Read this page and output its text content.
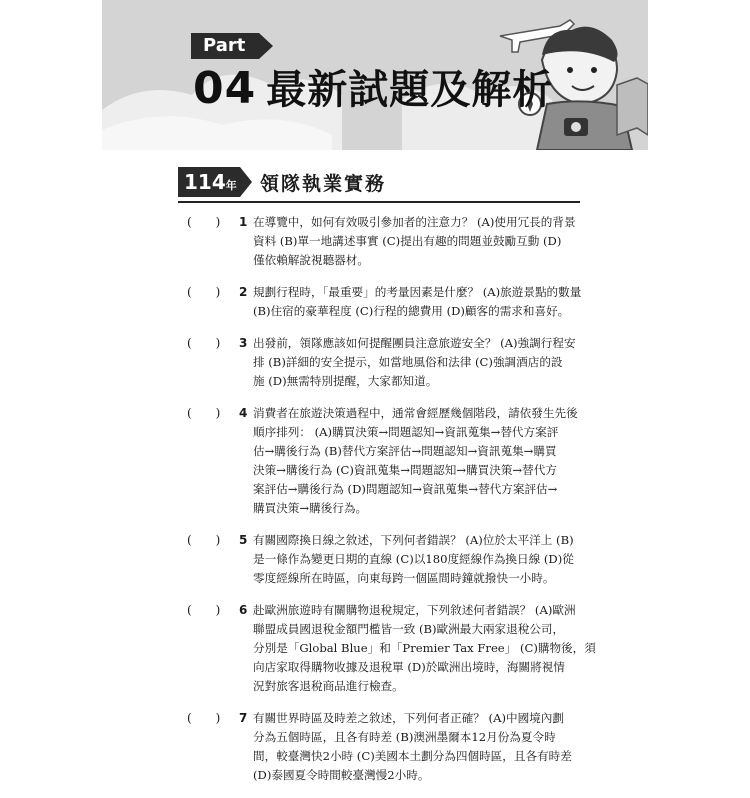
Part
04 最新試題及解析
114年 領隊執業實務
(　　) 1 在導覽中，如何有效吸引參加者的注意力？ (A)使用冗長的背景
資料 (B)單一地講述事實 (C)提出有趣的問題並鼓勵互動 (D)
僅依賴解說視聽器材。
(　　) 2 規劃行程時，「最重要」的考量因素是什麼？ (A)旅遊景點的數量
(B)住宿的豪華程度 (C)行程的總費用 (D)顧客的需求和喜好。
(　　) 3 出發前，領隊應該如何提醒團員注意旅遊安全？ (A)強調行程安
排 (B)詳細的安全提示，如當地風俗和法律 (C)強調酒店的設
施 (D)無需特別提醒，大家都知道。
(　　) 4 消費者在旅遊決策過程中，通常會經歷幾個階段，請依發生先後
順序排列： (A)購買決策→問題認知→資訊蒐集→替代方案評
估→購後行為 (B)替代方案評估→問題認知→資訊蒐集→購買
決策→購後行為 (C)資訊蒐集→問題認知→購買決策→替代方
案評估→購後行為 (D)問題認知→資訊蒐集→替代方案評估→
購買決策→購後行為。
(　　) 5 有關國際換日線之敘述，下列何者錯誤？ (A)位於太平洋上 (B)
是一條作為變更日期的直線 (C)以180度經線作為換日線 (D)從
零度經線所在時區，向東每跨一個區間時鐘就撥快一小時。
(　　) 6 赴歐洲旅遊時有關購物退稅規定，下列敘述何者錯誤？ (A)歐洲
聯盟成員國退稅金額門檻皆一致 (B)歐洲最大兩家退稅公司，
分別是「Global Blue」和「Premier Tax Free」 (C)購物後，須
向店家取得購物收據及退稅單 (D)於歐洲出境時，海關將視情
況對旅客退稅商品進行檢查。
(　　) 7 有關世界時區及時差之敘述，下列何者正確？ (A)中國境內劃
分為五個時區，且各有時差 (B)澳洲墨爾本12月份為夏令時
間，較臺灣快2小時 (C)美國本土劃分為四個時區，且各有時差
(D)泰國夏令時間較臺灣慢2小時。
